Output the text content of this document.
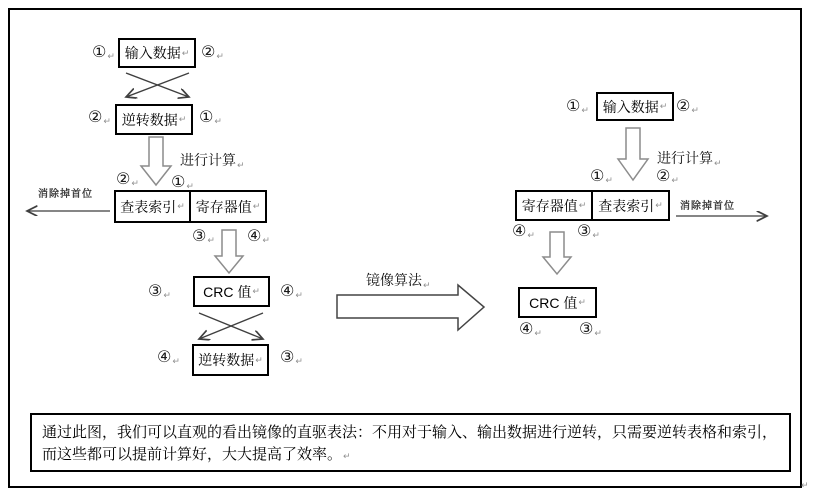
输入数据 ↵
逆转数据 ↵
查表索引 ↵ 寄存器值 ↵
CRC 值 ↵
逆转数据 ↵
输入数据 ↵
寄存器值 ↵ 查表索引 ↵
CRC 值 ↵
进行计算 ↵	进行计算 ↵
消除掉首位
消除掉首位
镜像算法 ↵
① ↵	② ↵
② ↵	① ↵
② ↵ ① ↵
③ ↵ ④ ↵
③ ↵	④ ↵
④ ↵	③ ↵
① ↵	② ↵
① ↵	② ↵
④ ↵	③ ↵
④ ↵ ③ ↵
通过此图，我们可以直观的看出镜像的直驱表法：不用对于输入、输出数据进行逆转，只需要逆转表格和索引，而这些都可以提前计算好，大大提高了效率。↵
↵
